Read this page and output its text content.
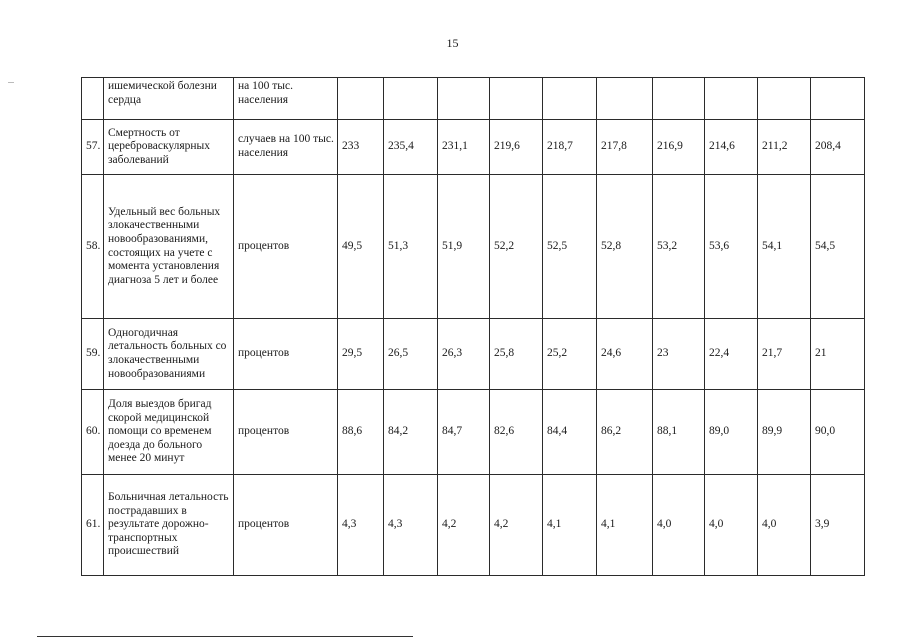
15
	ишемической болезни сердца	на 100 тыс. населения										
57.	Смертность от цереброваскулярных заболеваний	случаев на 100 тыс. населения	233	235,4	231,1	219,6	218,7	217,8	216,9	214,6	211,2	208,4
58.	Удельный вес больных злокачественными новообразованиями, состоящих на учете с момента установления диагноза 5 лет и более	процентов	49,5	51,3	51,9	52,2	52,5	52,8	53,2	53,6	54,1	54,5
59.	Одногодичная летальность больных со злокачественными новообразованиями	процентов	29,5	26,5	26,3	25,8	25,2	24,6	23	22,4	21,7	21
60.	Доля выездов бригад скорой медицинской помощи со временем доезда до больного менее 20 минут	процентов	88,6	84,2	84,7	82,6	84,4	86,2	88,1	89,0	89,9	90,0
61.	Больничная летальность пострадавших в результате дорожно-транспортных происшествий	процентов	4,3	4,3	4,2	4,2	4,1	4,1	4,0	4,0	4,0	3,9
